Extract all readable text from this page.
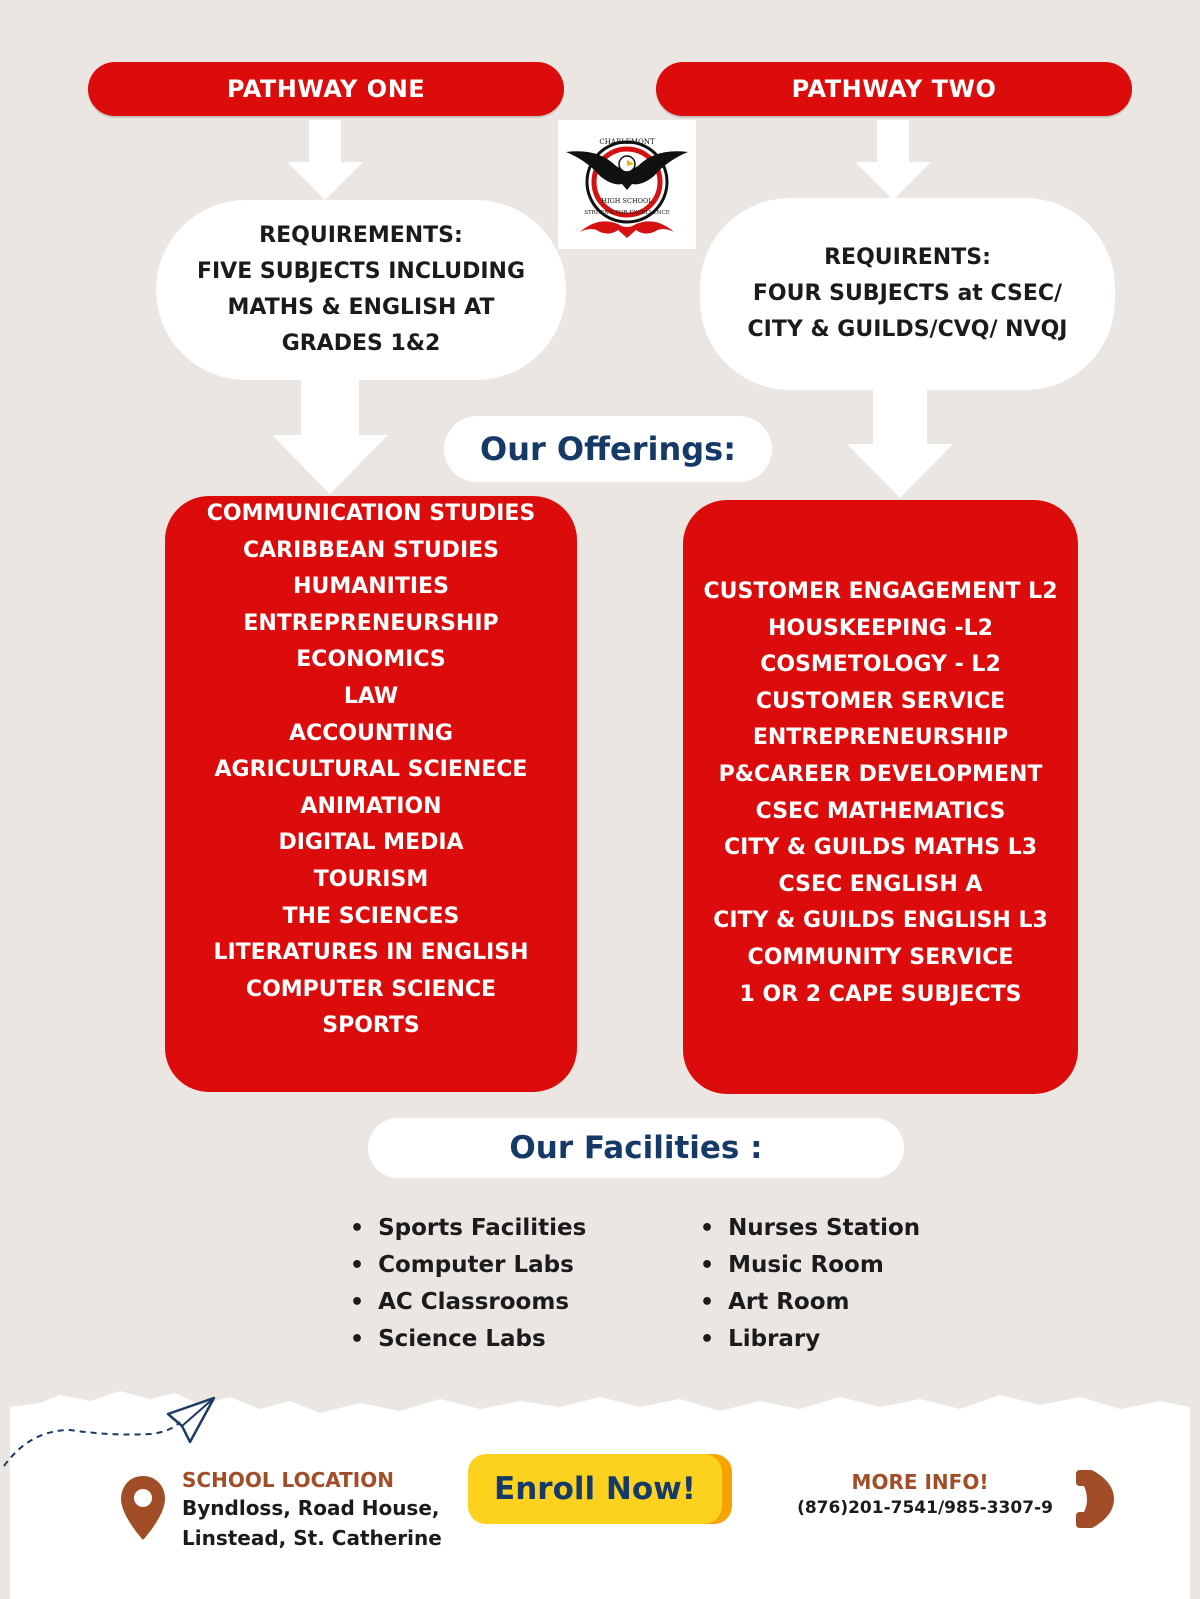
PATHWAY ONE	PATHWAY TWO
STRIVING FOR EXCELLENCE
CHARLEMONT
HIGH SCHOOL
REQUIREMENTS:
FIVE SUBJECTS INCLUDING
MATHS & ENGLISH AT
GRADES 1&2
REQUIRENTS:
FOUR SUBJECTS at CSEC/
CITY & GUILDS/CVQ/ NVQJ
Our Offerings:
COMMUNICATION STUDIES
CARIBBEAN STUDIES
HUMANITIES
ENTREPRENEURSHIP
ECONOMICS
LAW
ACCOUNTING
AGRICULTURAL SCIENECE
ANIMATION
DIGITAL MEDIA
TOURISM
THE SCIENCES
LITERATURES IN ENGLISH
COMPUTER SCIENCE
SPORTS
CUSTOMER ENGAGEMENT L2
HOUSKEEPING -L2
COSMETOLOGY - L2
CUSTOMER SERVICE
ENTREPRENEURSHIP
P&CAREER DEVELOPMENT
CSEC MATHEMATICS
CITY & GUILDS MATHS L3
CSEC ENGLISH A
CITY & GUILDS ENGLISH L3
COMMUNITY SERVICE
1 OR 2 CAPE SUBJECTS
Our Facilities :
• Sports Facilities
• Computer Labs
• AC Classrooms
• Science Labs
• Nurses Station
• Music Room
• Art Room
• Library
SCHOOL LOCATION
Byndloss, Road House,
Linstead, St. Catherine
Enroll Now!	MORE INFO!
(876)201-7541/985-3307-9
